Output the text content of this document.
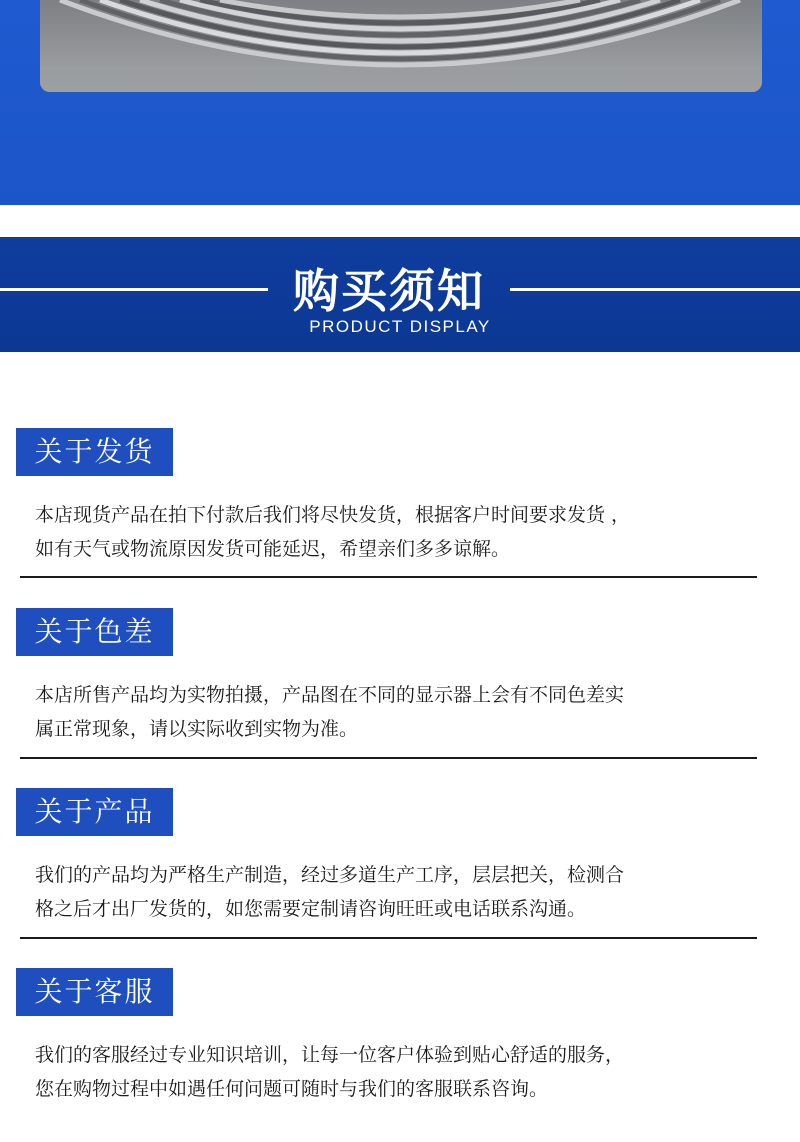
购买须知
PRODUCT DISPLAY
关于发货

本店现货产品在拍下付款后我们将尽快发货，根据客户时间要求发货 ，

如有天气或物流原因发货可能延迟，希望亲们多多谅解。

关于色差

本店所售产品均为实物拍摄，产品图在不同的显示器上会有不同色差实

属正常现象，请以实际收到实物为准。

关于产品

我们的产品均为严格生产制造，经过多道生产工序，层层把关，检测合

格之后才出厂发货的，如您需要定制请咨询旺旺或电话联系沟通。

关于客服

我们的客服经过专业知识培训，让每一位客户体验到贴心舒适的服务，

您在购物过程中如遇任何问题可随时与我们的客服联系咨询。
